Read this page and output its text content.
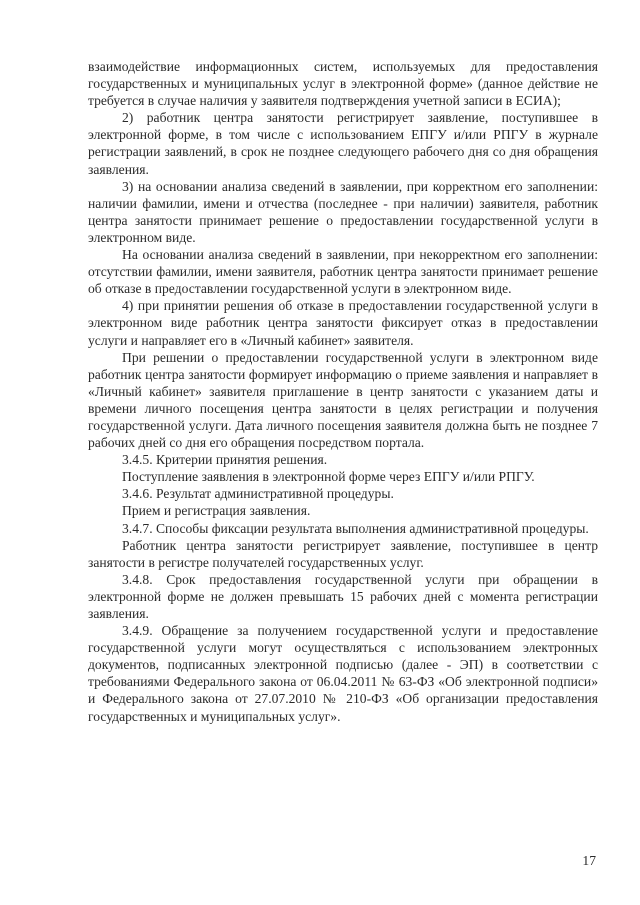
взаимодействие информационных систем, используемых для предоставления государственных и муниципальных услуг в электронной форме» (данное действие не требуется в случае наличия у заявителя подтверждения учетной записи в ЕСИА);

2) работник центра занятости регистрирует заявление, поступившее в электронной форме, в том числе с использованием ЕПГУ и/или РПГУ в журнале регистрации заявлений, в срок не позднее следующего рабочего дня со дня обращения заявления.

3) на основании анализа сведений в заявлении, при корректном его заполнении: наличии фамилии, имени и отчества (последнее - при наличии) заявителя, работник центра занятости принимает решение о предоставлении государственной услуги в электронном виде.

На основании анализа сведений в заявлении, при некорректном его заполнении: отсутствии фамилии, имени заявителя, работник центра занятости принимает решение об отказе в предоставлении государственной услуги в электронном виде.

4) при принятии решения об отказе в предоставлении государственной услуги в электронном виде работник центра занятости фиксирует отказ в предоставлении услуги и направляет его в «Личный кабинет» заявителя.

При решении о предоставлении государственной услуги в электронном виде работник центра занятости формирует информацию о приеме заявления и направляет в «Личный кабинет» заявителя приглашение в центр занятости с указанием даты и времени личного посещения центра занятости в целях регистрации и получения государственной услуги. Дата личного посещения заявителя должна быть не позднее 7 рабочих дней со дня его обращения посредством портала.

3.4.5. Критерии принятия решения.

Поступление заявления в электронной форме через ЕПГУ и/или РПГУ.

3.4.6. Результат административной процедуры.

Прием и регистрация заявления.

3.4.7. Способы фиксации результата выполнения административной процедуры.

Работник центра занятости регистрирует заявление, поступившее в центр занятости в регистре получателей государственных услуг.

3.4.8. Срок предоставления государственной услуги при обращении в электронной форме не должен превышать 15 рабочих дней с момента регистрации заявления.

3.4.9. Обращение за получением государственной услуги и предоставление государственной услуги могут осуществляться с использованием электронных документов, подписанных электронной подписью (далее - ЭП) в соответствии с требованиями Федерального закона от 06.04.2011 № 63-ФЗ «Об электронной подписи» и Федерального закона от 27.07.2010 № 210-ФЗ «Об организации предоставления государственных и муниципальных услуг».

17
